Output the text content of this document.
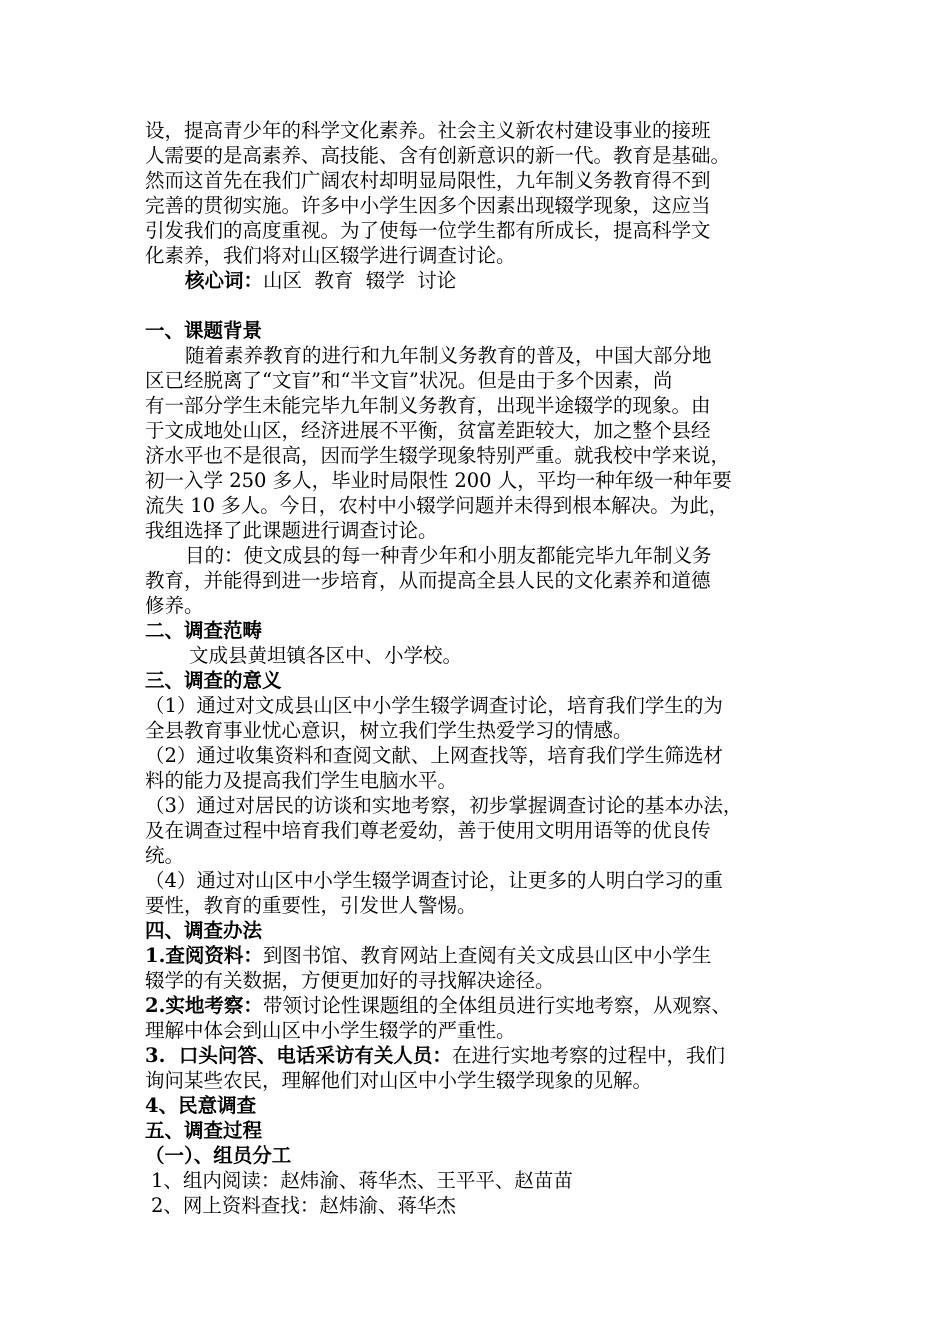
设，提高青少年的科学文化素养。社会主义新农村建设事业的接班
人需要的是高素养、高技能、含有创新意识的新一代。教育是基础。
然而这首先在我们广阔农村却明显局限性，九年制义务教育得不到
完善的贯彻实施。许多中小学生因多个因素出现辍学现象，这应当
引发我们的高度重视。为了使每一位学生都有所成长，提高科学文
化素养，我们将对山区辍学进行调查讨论。
核心词：山区  教育  辍学  讨论
一、课题背景
随着素养教育的进行和九年制义务教育的普及，中国大部分地
区已经脱离了“文盲”和“半文盲”状况。但是由于多个因素，尚
有一部分学生未能完毕九年制义务教育，出现半途辍学的现象。由
于文成地处山区，经济进展不平衡，贫富差距较大，加之整个县经
济水平也不是很高，因而学生辍学现象特别严重。就我校中学来说，
初一入学 250 多人，毕业时局限性 200 人，平均一种年级一种年要
流失 10 多人。今日，农村中小辍学问题并未得到根本解决。为此，
我组选择了此课题进行调查讨论。
目的：使文成县的每一种青少年和小朋友都能完毕九年制义务
教育，并能得到进一步培育，从而提高全县人民的文化素养和道德
修养。
二、调查范畴
文成县黄坦镇各区中、小学校。
三、调查的意义
（1）通过对文成县山区中小学生辍学调查讨论，培育我们学生的为
全县教育事业忧心意识，树立我们学生热爱学习的情感。
（2）通过收集资料和查阅文献、上网查找等，培育我们学生筛选材
料的能力及提高我们学生电脑水平。
（3）通过对居民的访谈和实地考察，初步掌握调查讨论的基本办法，
及在调查过程中培育我们尊老爱幼，善于使用文明用语等的优良传
统。
（4）通过对山区中小学生辍学调查讨论，让更多的人明白学习的重
要性，教育的重要性，引发世人警惕。
四、调查办法
1.查阅资料：到图书馆、教育网站上查阅有关文成县山区中小学生
辍学的有关数据，方便更加好的寻找解决途径。
2.实地考察：带领讨论性课题组的全体组员进行实地考察，从观察、
理解中体会到山区中小学生辍学的严重性。
3.  口头问答、电话采访有关人员：在进行实地考察的过程中，我们
询问某些农民，理解他们对山区中小学生辍学现象的见解。
4、民意调查
五、调查过程
（一）、组员分工
1、组内阅读：赵炜渝、蒋华杰、王平平、赵苗苗
2、网上资料查找：赵炜渝、蒋华杰
